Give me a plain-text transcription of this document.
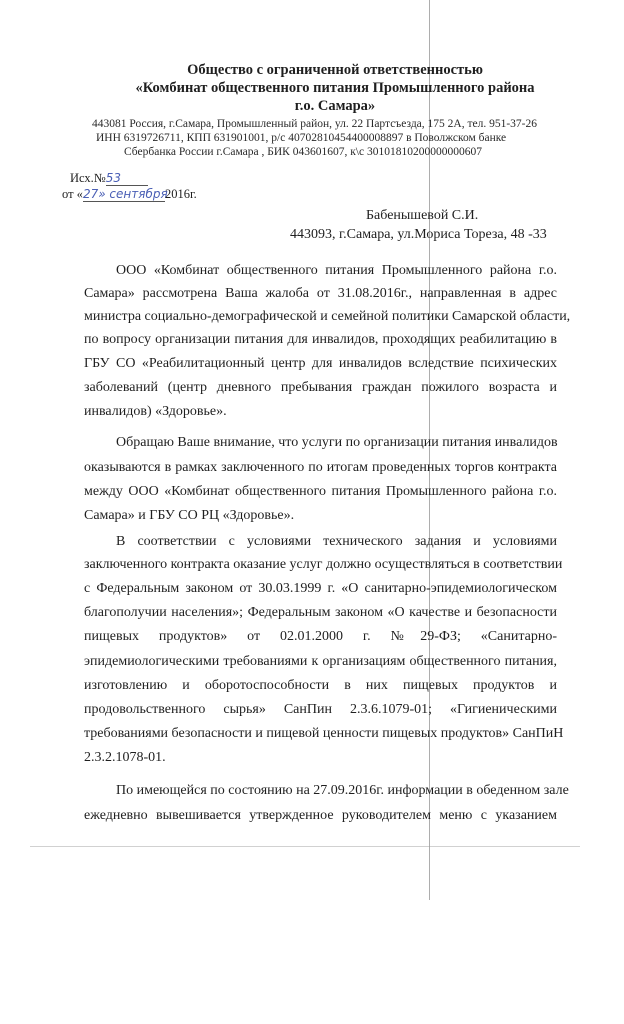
Общество с ограниченной ответственностью
«Комбинат общественного питания Промышленного района
г.о. Самара»
443081 Россия, г.Самара, Промышленный район, ул. 22 Партсъезда, 175 2А, тел. 951-37-26
ИНН 6319726711, КПП 631901001, р/с 40702810454400008897 в Поволжском банке
Сбербанка России г.Самара , БИК 043601607, к\с 30101810200000000607
Исх.№53
от «27» сентября2016г.
Бабенышевой С.И.
443093, г.Самара, ул.Мориса Тореза, 48 -33
ООО «Комбинат общественного питания Промышленного района г.о.
Самара» рассмотрена Ваша жалоба от 31.08.2016г., направленная в адрес
министра социально-демографической и семейной политики Самарской области,
по вопросу организации питания для инвалидов, проходящих реабилитацию в
ГБУ СО «Реабилитационный центр для инвалидов вследствие психических
заболеваний (центр дневного пребывания граждан пожилого возраста и
инвалидов) «Здоровье».
Обращаю Ваше внимание, что услуги по организации питания инвалидов
оказываются в рамках заключенного по итогам проведенных торгов контракта
между ООО «Комбинат общественного питания Промышленного района г.о.
Самара» и ГБУ СО РЦ «Здоровье».
В соответствии с условиями технического задания и условиями
заключенного контракта оказание услуг должно осуществляться в соответствии
с Федеральным законом от 30.03.1999 г. «О санитарно-эпидемиологическом
благополучии населения»; Федеральным законом «О качестве и безопасности
пищевых продуктов» от 02.01.2000 г. №29-ФЗ; «Санитарно-
эпидемиологическими требованиями к организациям общественного питания,
изготовлению и оборотоспособности в них пищевых продуктов и
продовольственного сырья» СанПин 2.3.6.1079-01; «Гигиеническими
требованиями безопасности и пищевой ценности пищевых продуктов» СанПиН
2.3.2.1078-01.
По имеющейся по состоянию на 27.09.2016г. информации в обеденном зале
ежедневно вывешивается утвержденное руководителем меню с указанием
